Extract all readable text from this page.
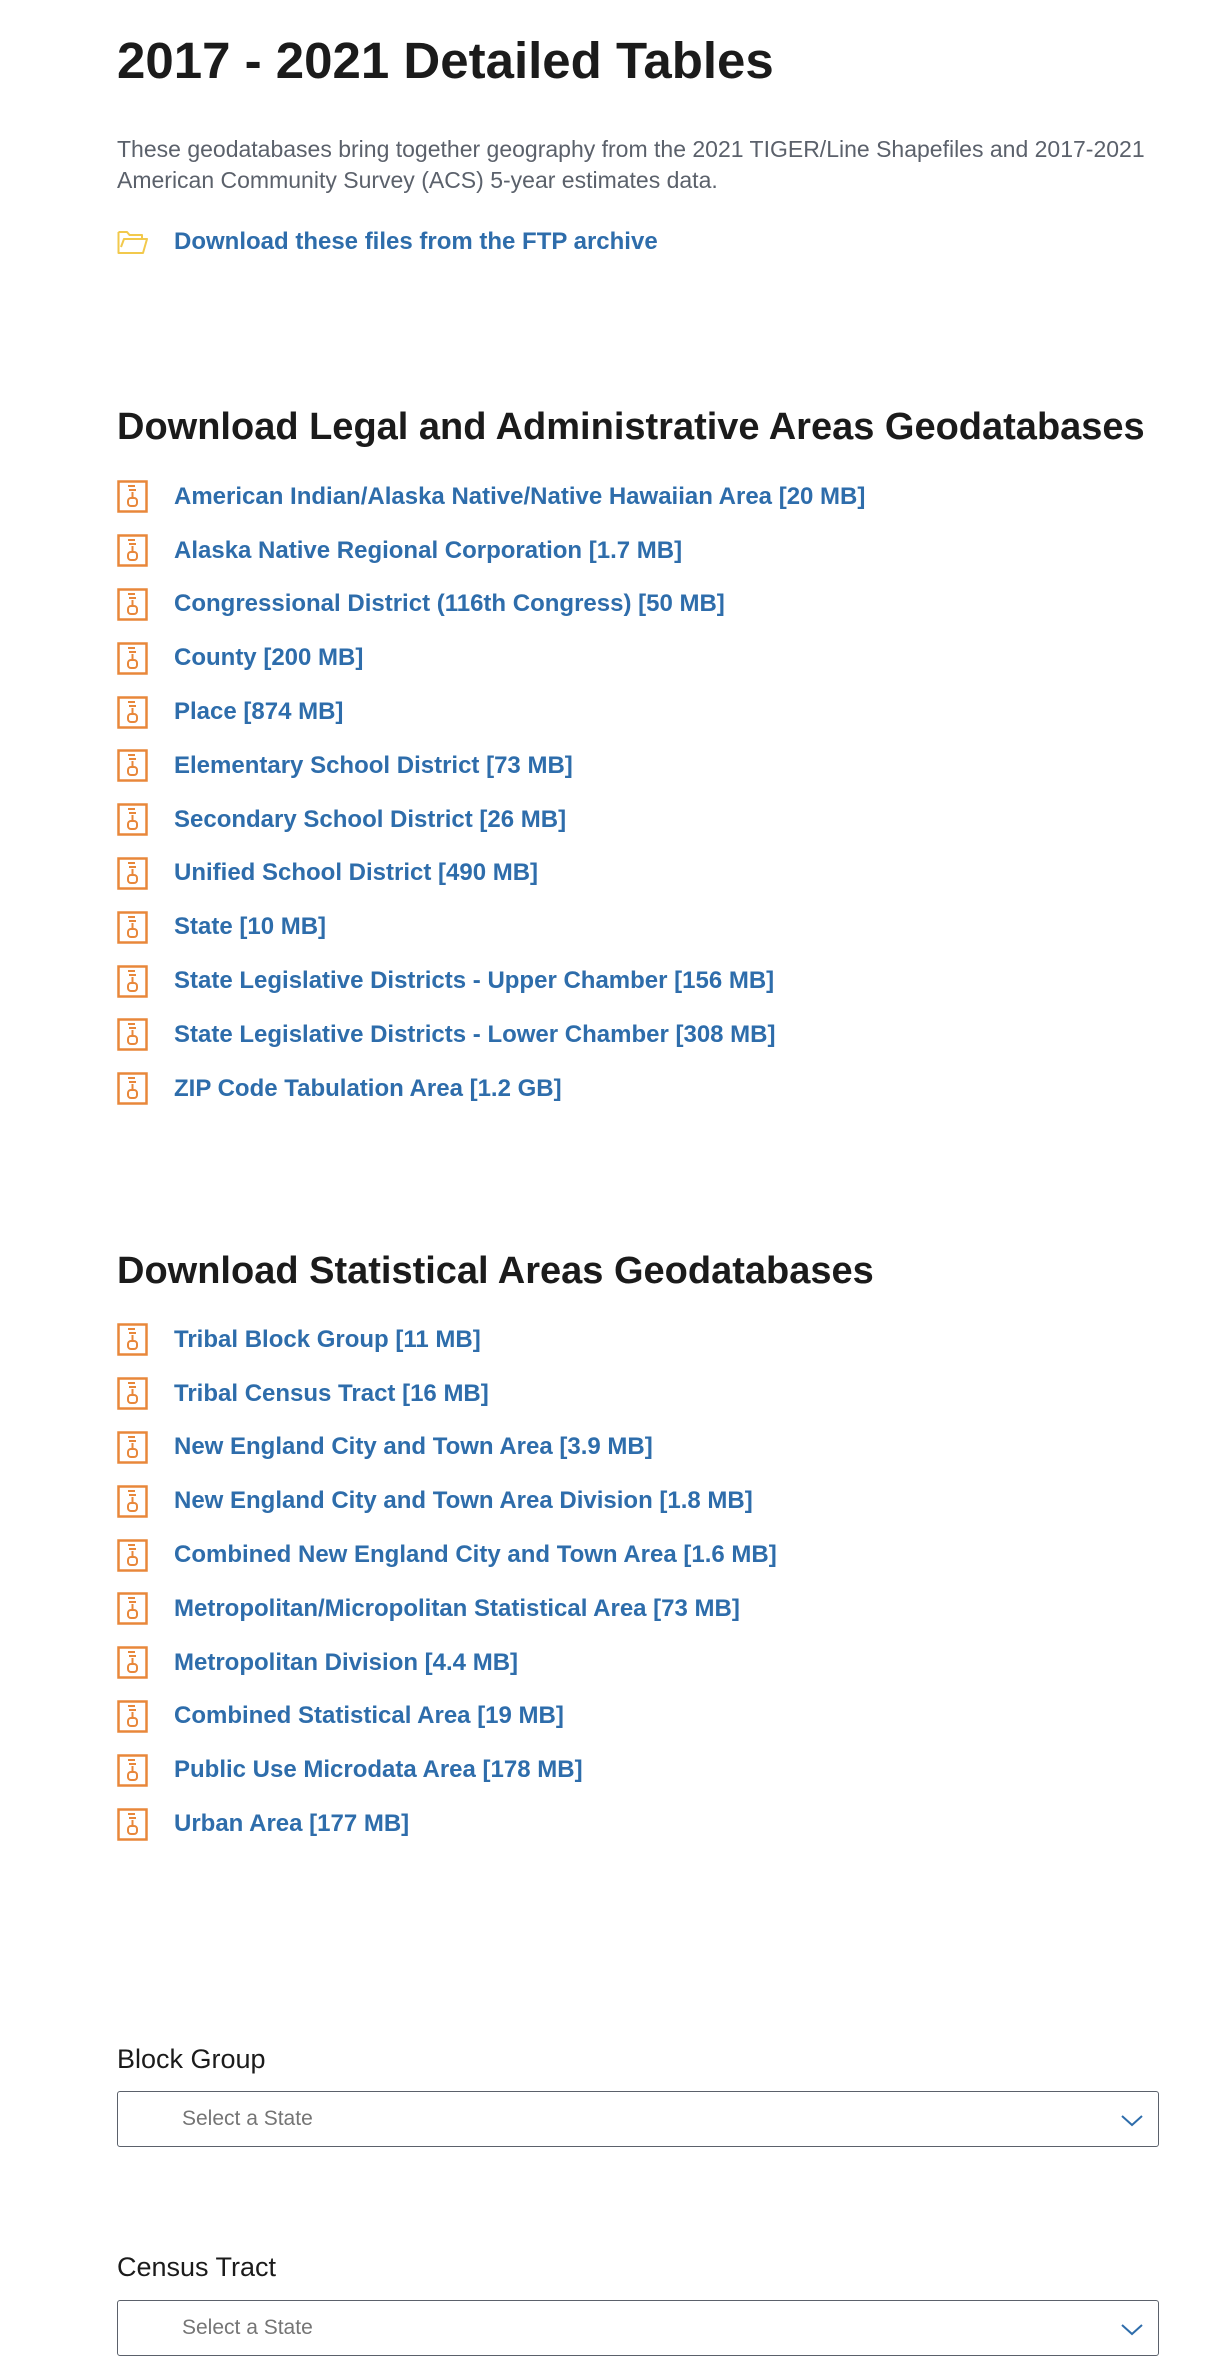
2017 - 2021 Detailed Tables

These geodatabases bring together geography from the 2021 TIGER/Line Shapefiles and 2017-2021 American Community Survey (ACS) 5-year estimates data.

Download these files from the FTP archive
Download Legal and Administrative Areas Geodatabases
American Indian/Alaska Native/Native Hawaiian Area [20 MB]
Alaska Native Regional Corporation [1.7 MB]
Congressional District (116th Congress) [50 MB]
County [200 MB]
Place [874 MB]
Elementary School District [73 MB]
Secondary School District [26 MB]
Unified School District [490 MB]
State [10 MB]
State Legislative Districts - Upper Chamber [156 MB]
State Legislative Districts - Lower Chamber [308 MB]
ZIP Code Tabulation Area [1.2 GB]
Download Statistical Areas Geodatabases
Tribal Block Group [11 MB]
Tribal Census Tract [16 MB]
New England City and Town Area [3.9 MB]
New England City and Town Area Division [1.8 MB]
Combined New England City and Town Area [1.6 MB]
Metropolitan/Micropolitan Statistical Area [73 MB]
Metropolitan Division [4.4 MB]
Combined Statistical Area [19 MB]
Public Use Microdata Area [178 MB]
Urban Area [177 MB]
Block Group
Select a State
Census Tract
Select a State
